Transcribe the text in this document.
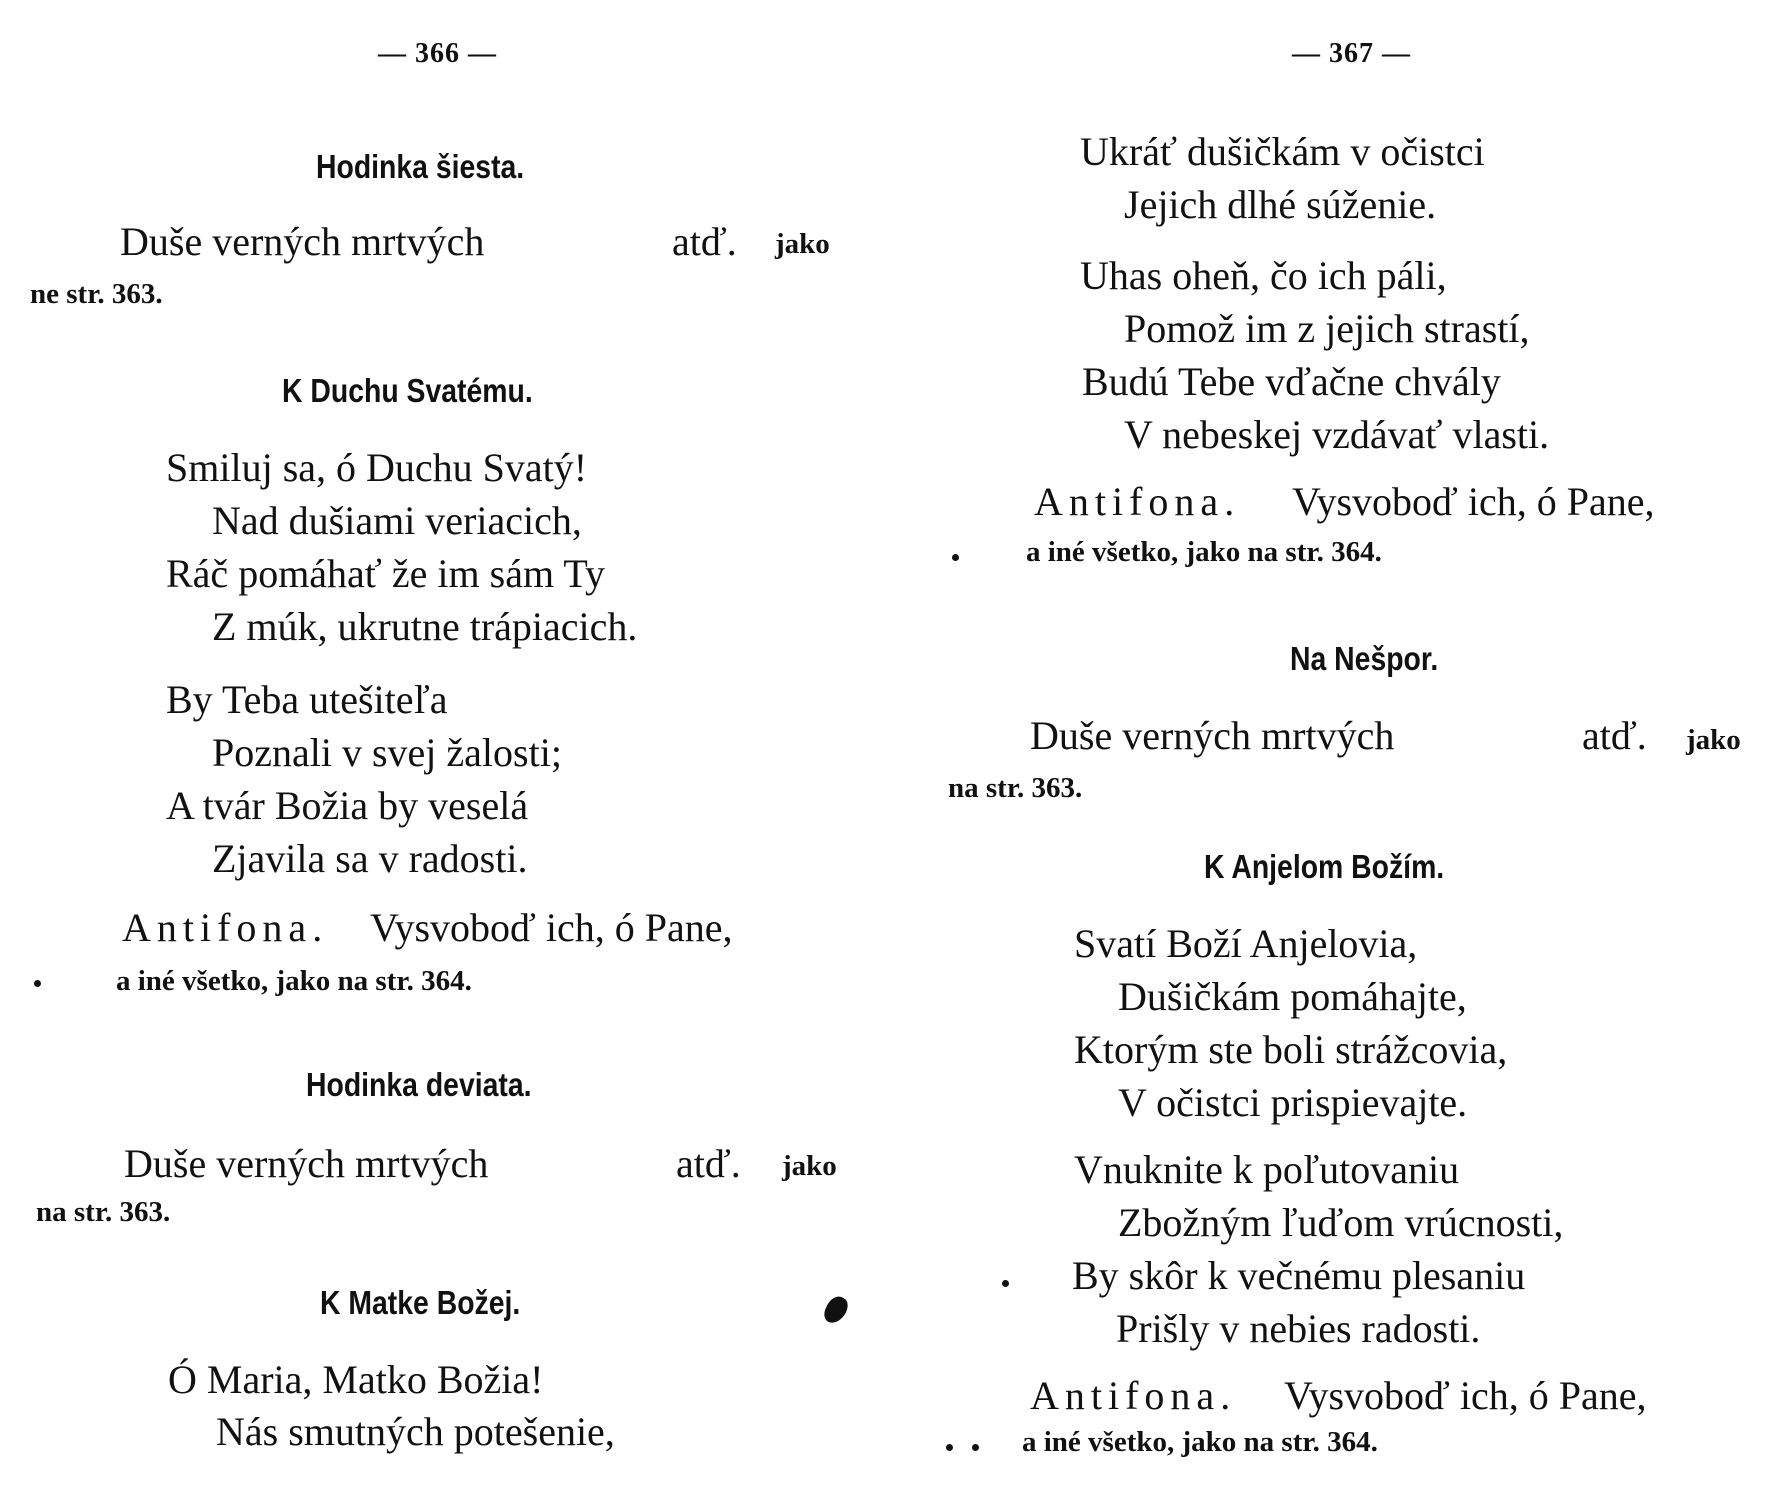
— 366 —
Hodinka šiesta.
Duše verných mrtvých	atď. jako
ne str. 363.
K Duchu Svatému.
Smiluj sa, ó Duchu Svatý!
Nad dušiami veriacich,
Ráč pomáhať že im sám Ty
Z múk, ukrutne trápiacich.
By Teba utešiteľa
Poznali v svej žalosti;
A tvár Božia by veselá
Zjavila sa v radosti.
Antifona. Vysvoboď ich, ó Pane,
a iné všetko, jako na str. 364.
Hodinka deviata.
Duše verných mrtvých	atď. jako
na str. 363.
K Matke Božej.
Ó Maria, Matko Božia!
Nás smutných potešenie,
— 367 —
Ukráť dušičkám v očistci
Jejich dlhé súženie.
Uhas oheň, čo ich páli,
Pomož im z jejich strastí,
Budú Tebe vďačne chvály
V nebeskej vzdávať vlasti.
Antifona. Vysvoboď ich, ó Pane,
a iné všetko, jako na str. 364.
Na Nešpor.
Duše verných mrtvých	atď. jako
na str. 363.
K Anjelom Božím.
Svatí Boží Anjelovia,
Dušičkám pomáhajte,
Ktorým ste boli strážcovia,
V očistci prispievajte.
Vnuknite k poľutovaniu
Zbožným ľuďom vrúcnosti,
By skôr k večnému plesaniu
Prišly v nebies radosti.
Antifona. Vysvoboď ich, ó Pane,
a iné všetko, jako na str. 364.
